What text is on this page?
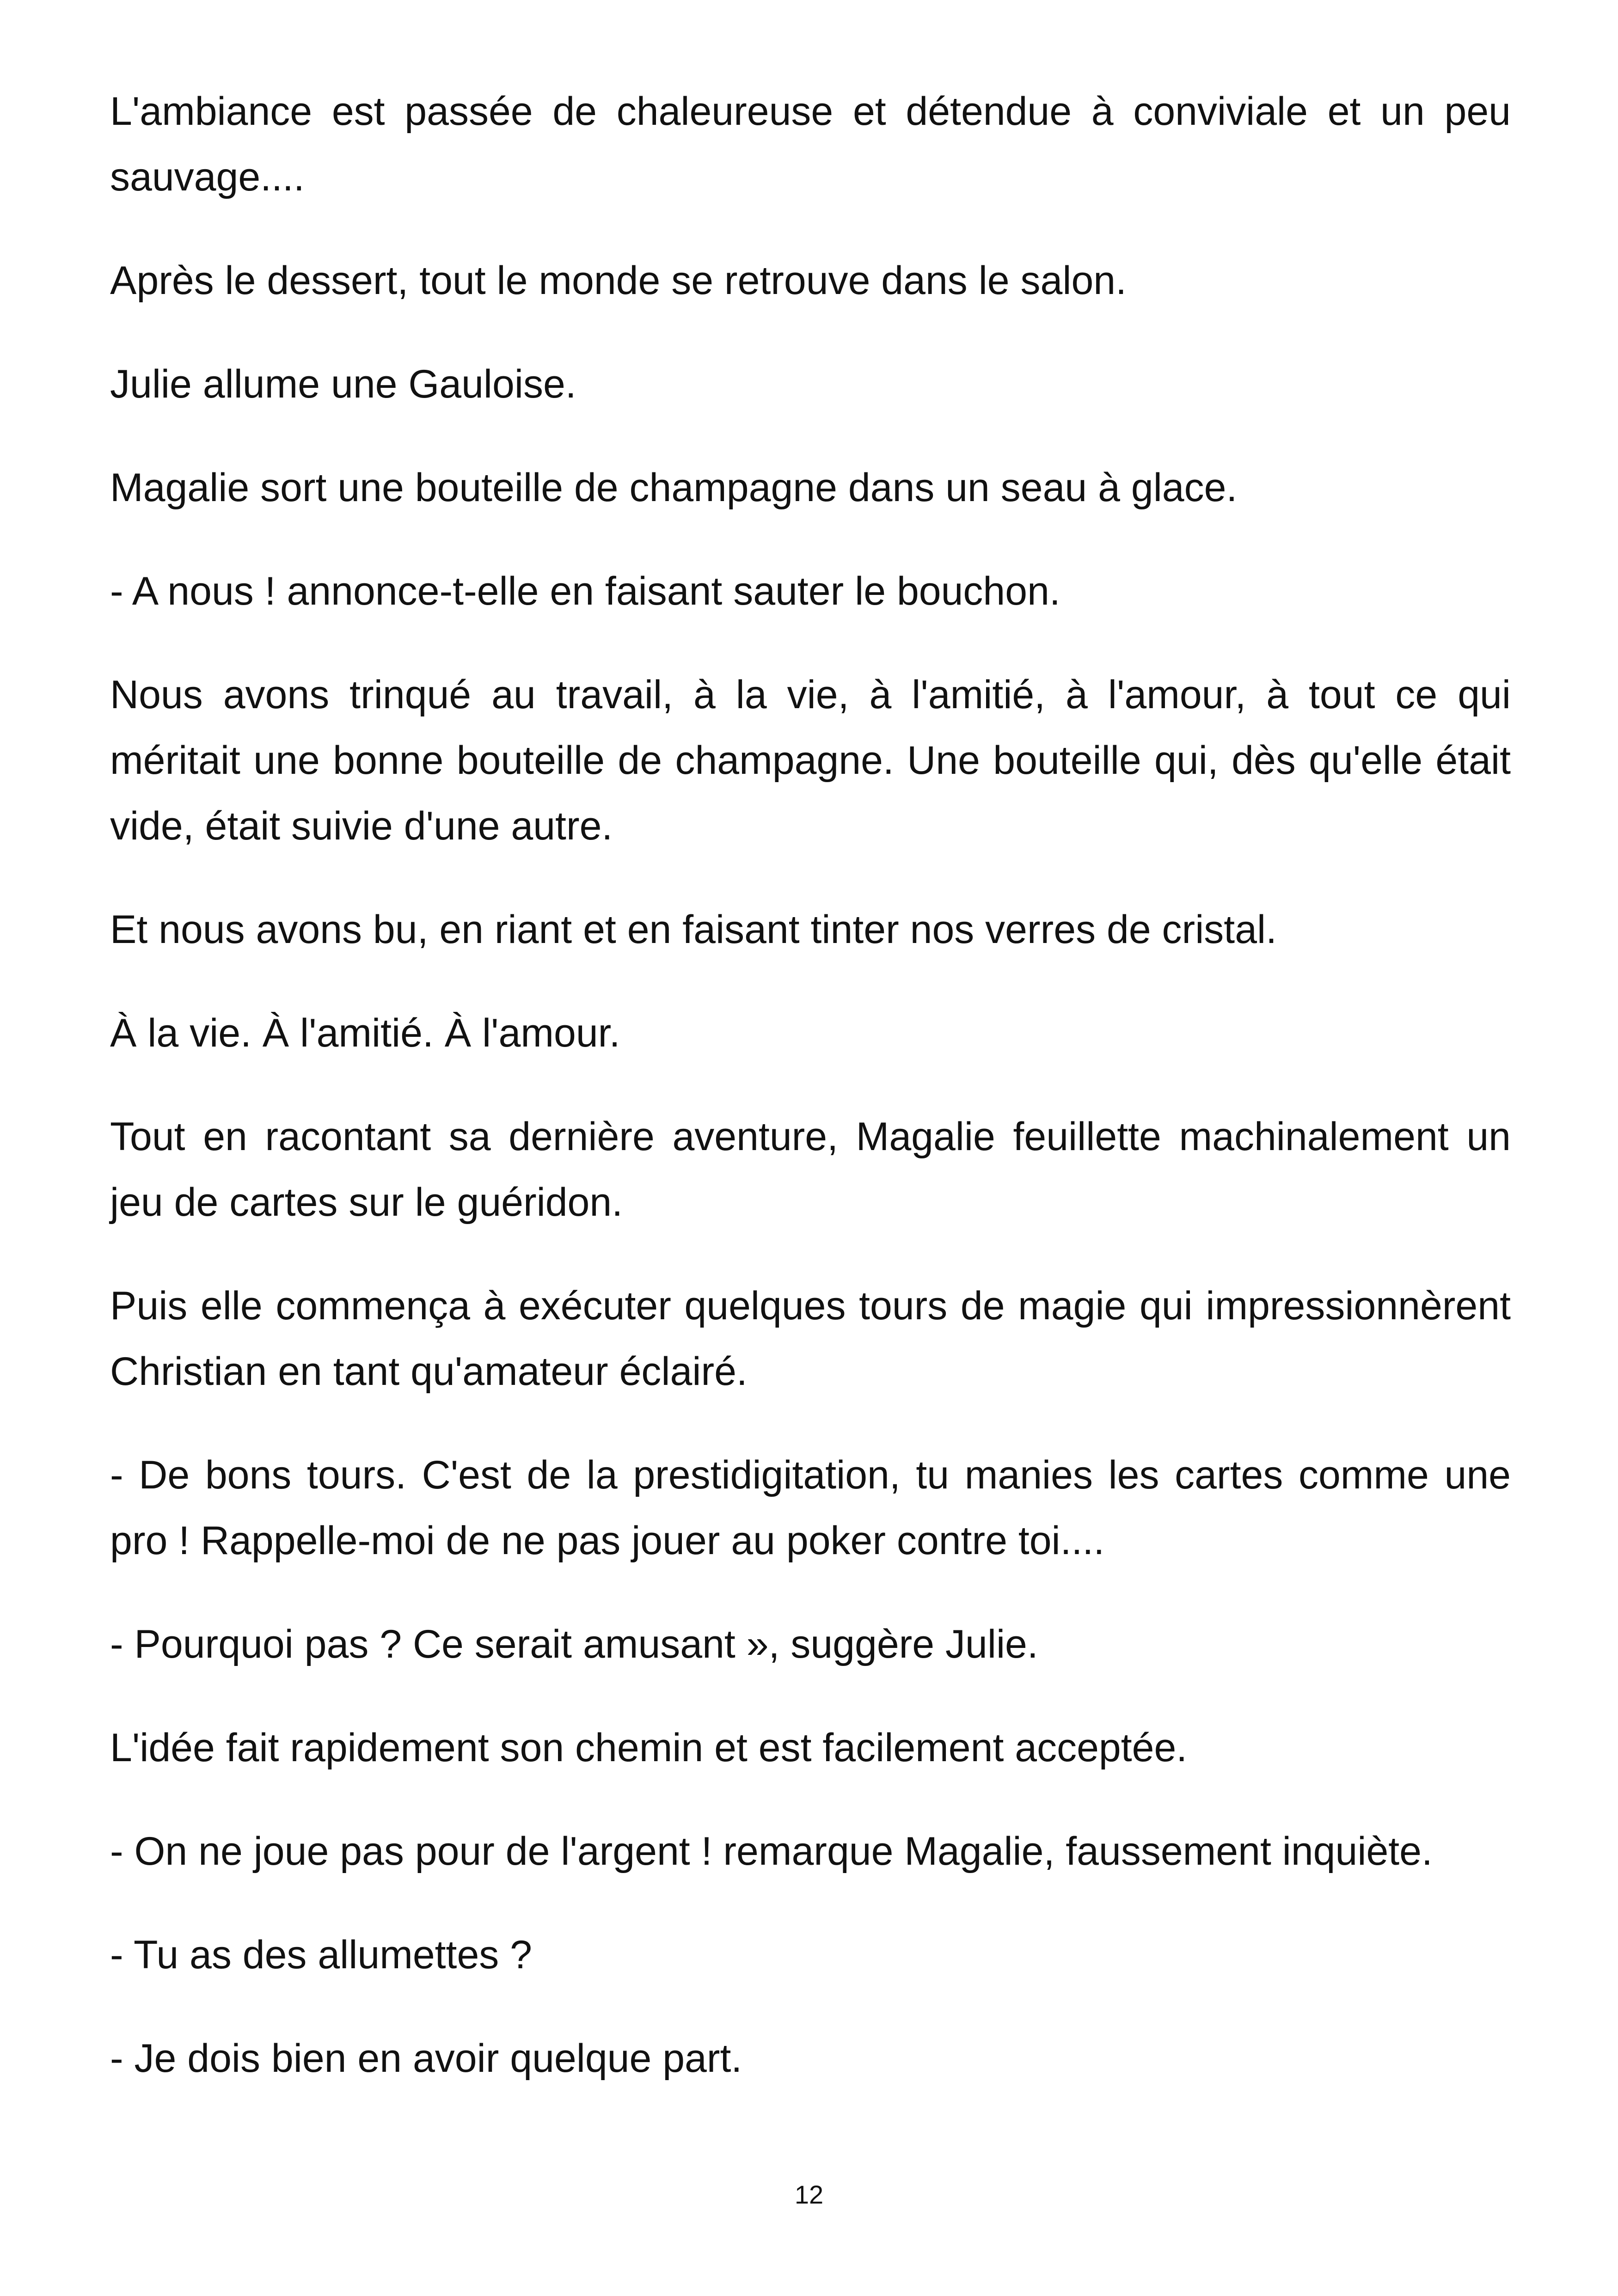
L'ambiance est passée de chaleureuse et détendue à conviviale et un peu sauvage....

Après le dessert, tout le monde se retrouve dans le salon.

Julie allume une Gauloise.

Magalie sort une bouteille de champagne dans un seau à glace.

- A nous ! annonce-t-elle en faisant sauter le bouchon.

Nous avons trinqué au travail, à la vie, à l'amitié, à l'amour, à tout ce qui méritait une bonne bouteille de champagne. Une bouteille qui, dès qu'elle était vide, était suivie d'une autre.

Et nous avons bu, en riant et en faisant tinter nos verres de cristal.

À la vie. À l'amitié. À l'amour.

Tout en racontant sa dernière aventure, Magalie feuillette machinalement un jeu de cartes sur le guéridon.

Puis elle commença à exécuter quelques tours de magie qui impressionnèrent Christian en tant qu'amateur éclairé.

- De bons tours. C'est de la prestidigitation, tu manies les cartes comme une pro ! Rappelle-moi de ne pas jouer au poker contre toi....

- Pourquoi pas ? Ce serait amusant », suggère Julie.

L'idée fait rapidement son chemin et est facilement acceptée.

- On ne joue pas pour de l'argent ! remarque Magalie, faussement inquiète.

- Tu as des allumettes ?

- Je dois bien en avoir quelque part.

12
